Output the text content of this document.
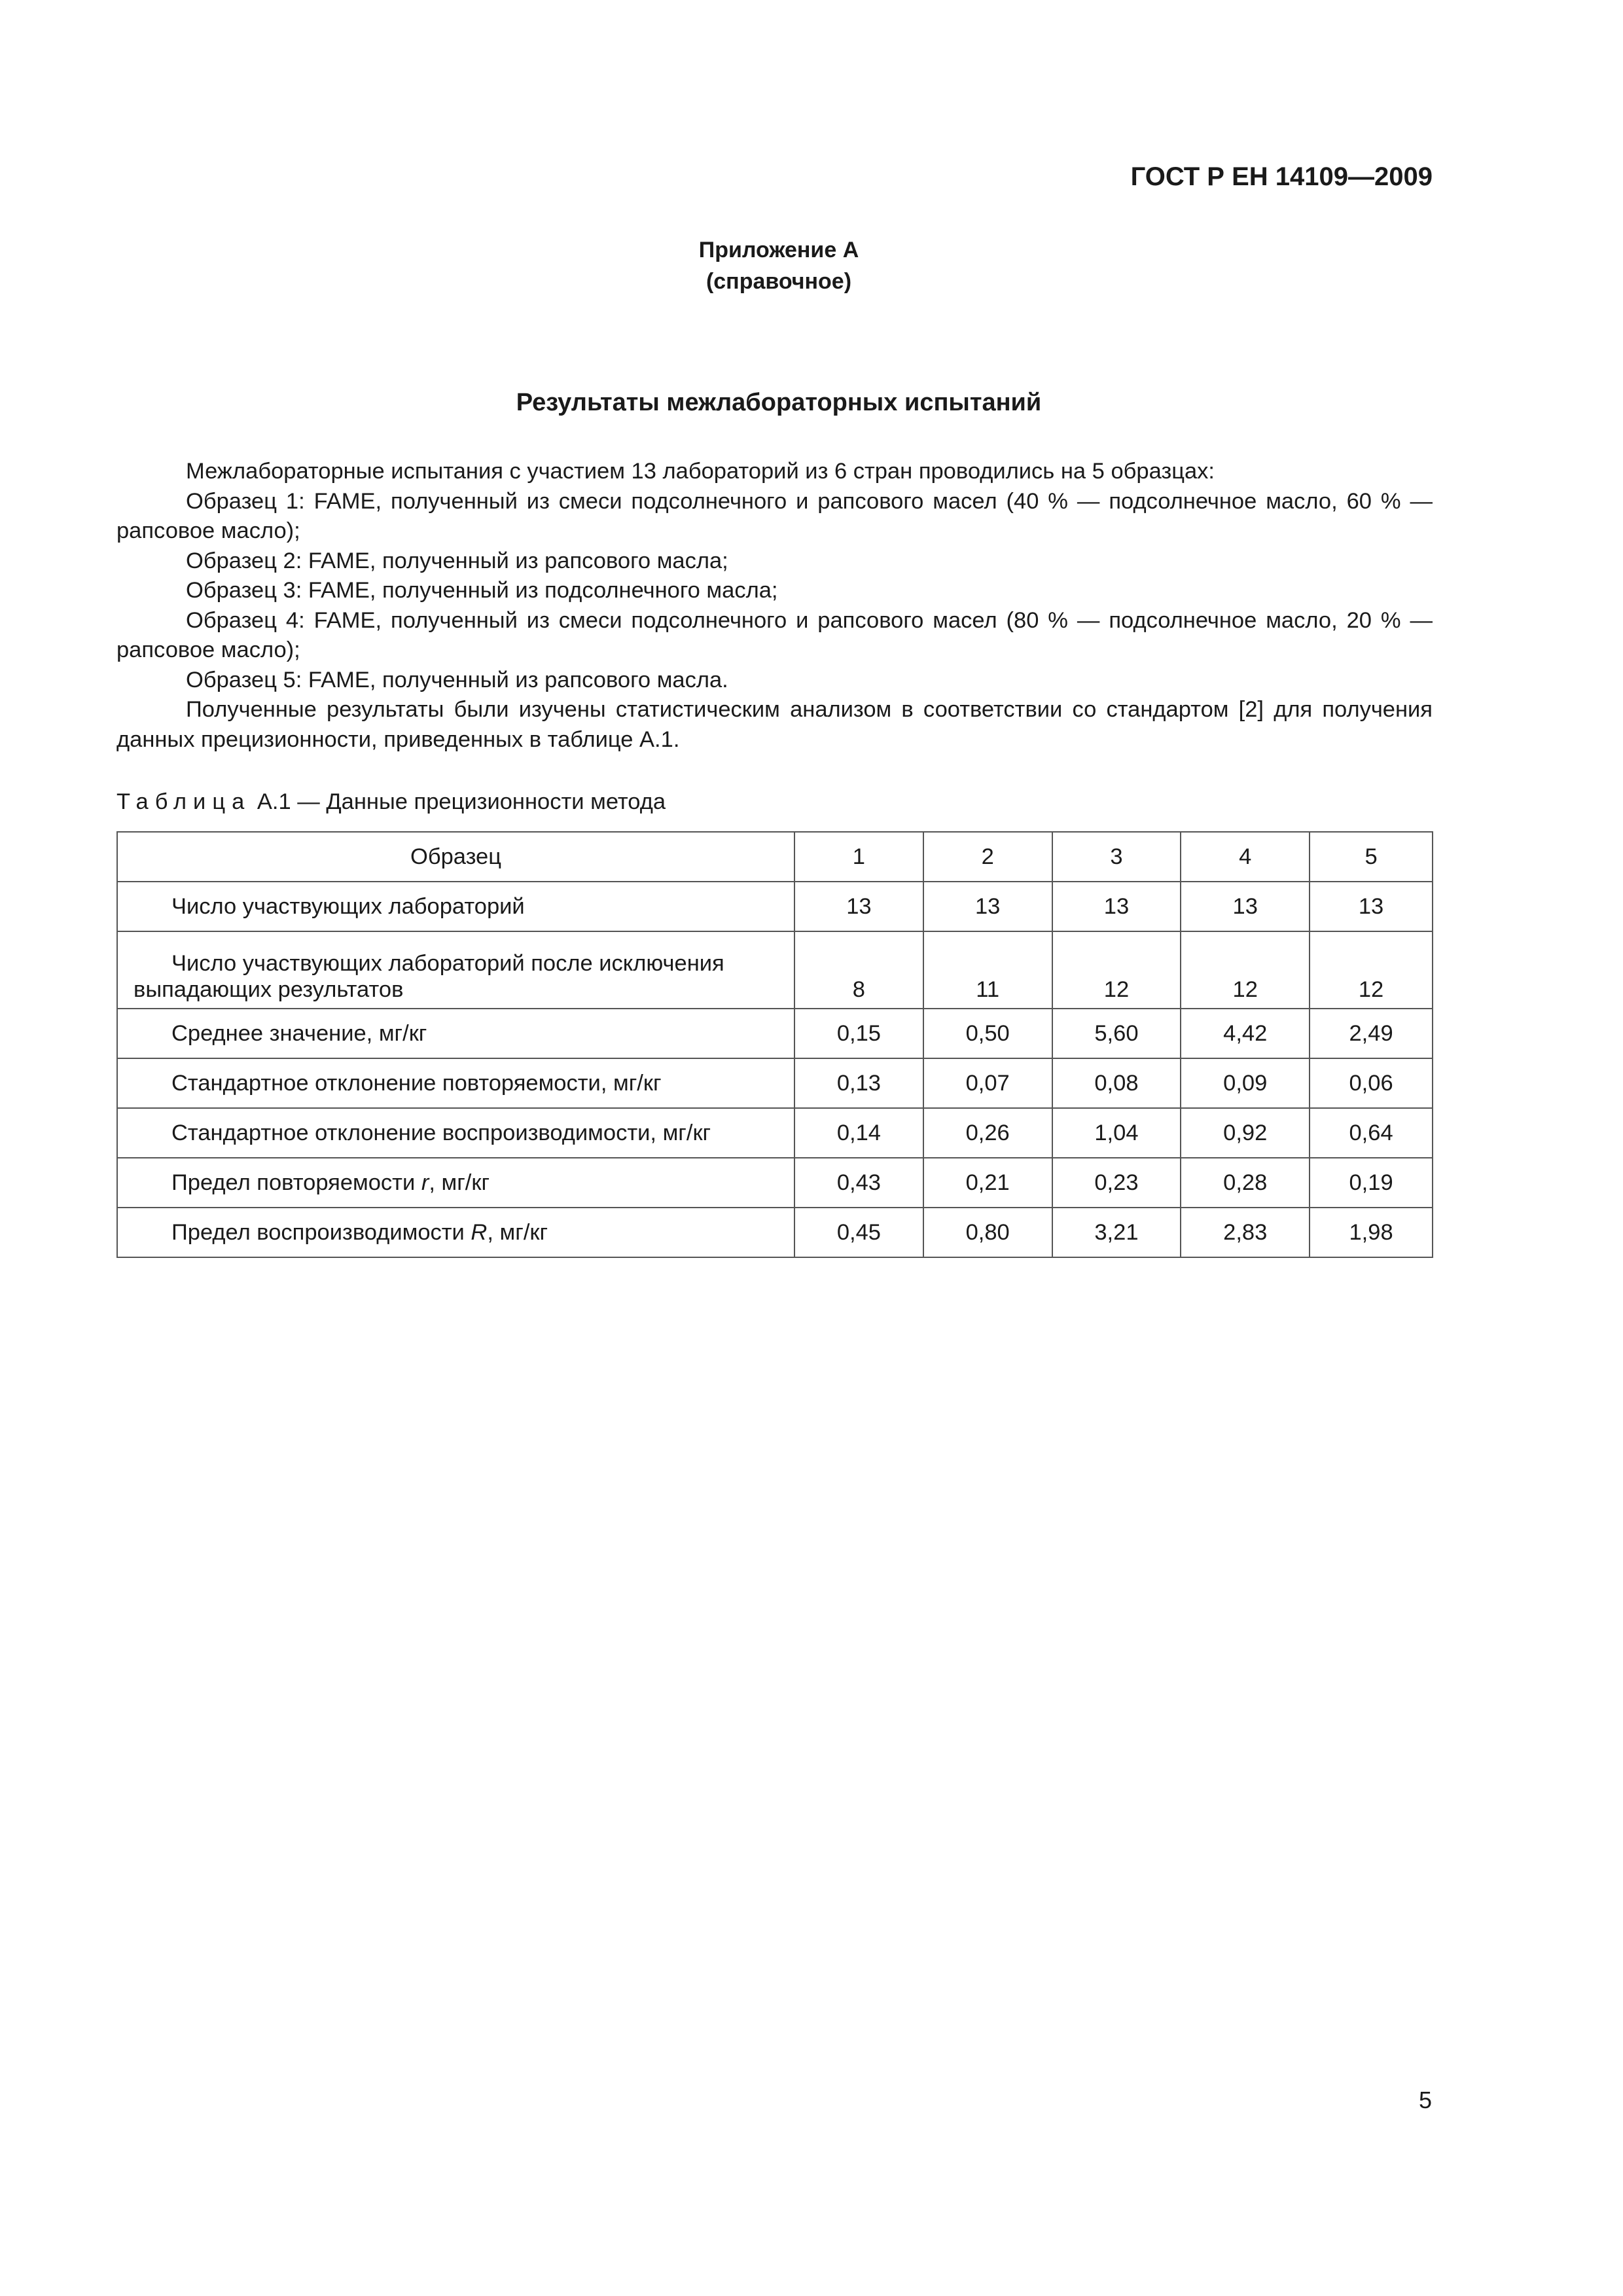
ГОСТ Р ЕН 14109—2009
Приложение А
(справочное)
Результаты межлабораторных испытаний

Межлабораторные испытания с участием 13 лабораторий из 6 стран проводились на 5 образцах:

Образец 1: FAME, полученный из смеси подсолнечного и рапсового масел (40 % — подсолнечное масло, 60 % — рапсовое масло);

Образец 2: FAME, полученный из рапсового масла;

Образец 3: FAME, полученный из подсолнечного масла;

Образец 4: FAME, полученный из смеси подсолнечного и рапсового масел (80 % — подсолнечное масло, 20 % — рапсовое масло);

Образец 5: FAME, полученный из рапсового масла.

Полученные результаты были изучены статистическим анализом в соответствии со стандартом [2] для получения данных прецизионности, приведенных в таблице А.1.

Таблица А.1 — Данные прецизионности метода
Образец	1	2	3	4	5
Число участвующих лабораторий	13	13	13	13	13
Число участвующих лабораторий после исключения выпадающих результатов	8	11	12	12	12
Среднее значение, мг/кг	0,15	0,50	5,60	4,42	2,49
Стандартное отклонение повторяемости, мг/кг	0,13	0,07	0,08	0,09	0,06
Стандартное отклонение воспроизводимости, мг/кг	0,14	0,26	1,04	0,92	0,64
Предел повторяемости r, мг/кг	0,43	0,21	0,23	0,28	0,19
Предел воспроизводимости R, мг/кг	0,45	0,80	3,21	2,83	1,98
5
